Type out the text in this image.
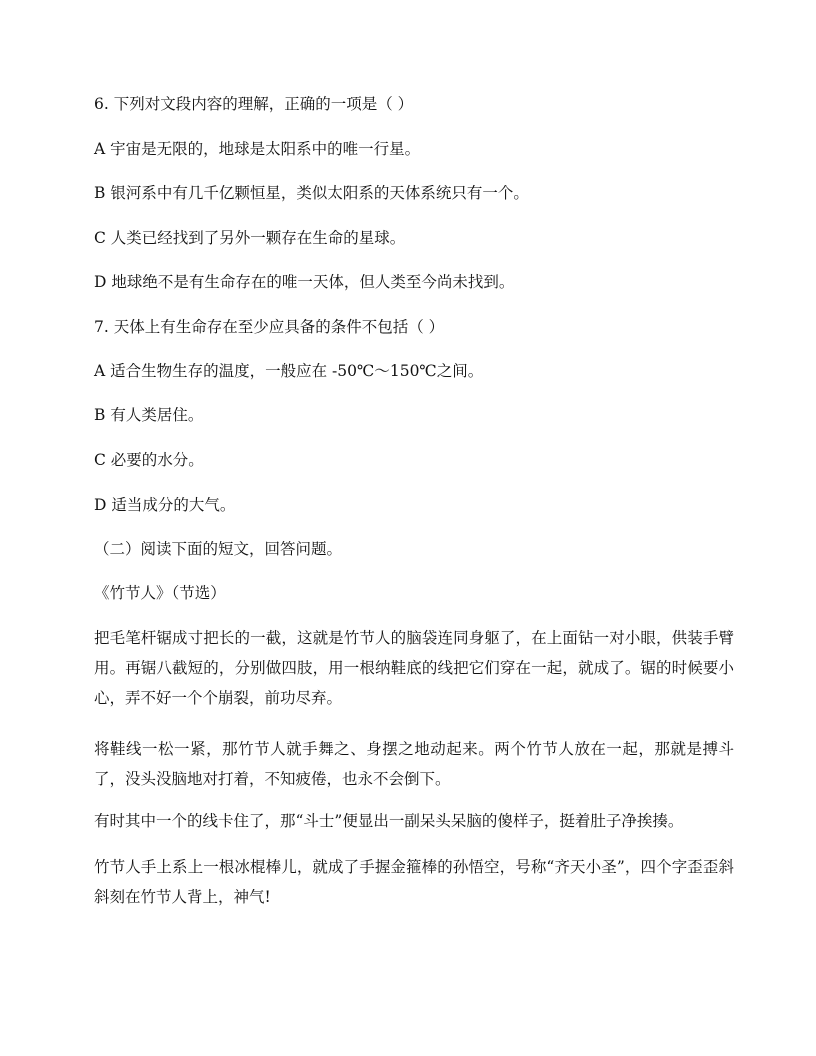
6. 下列对文段内容的理解，正确的一项是（ ）
A 宇宙是无限的，地球是太阳系中的唯一行星。
B 银河系中有几千亿颗恒星，类似太阳系的天体系统只有一个。
C 人类已经找到了另外一颗存在生命的星球。
D 地球绝不是有生命存在的唯一天体，但人类至今尚未找到。
7. 天体上有生命存在至少应具备的条件不包括（ ）
A 适合生物生存的温度，一般应在 -50℃～150℃之间。
B 有人类居住。
C 必要的水分。
D 适当成分的大气。
（二）阅读下面的短文，回答问题。
《竹节人》（节选）
把毛笔杆锯成寸把长的一截，这就是竹节人的脑袋连同身躯了，在上面钻一对小眼，供装手臂用。再锯八截短的，分别做四肢，用一根纳鞋底的线把它们穿在一起，就成了。锯的时候要小心，弄不好一个个崩裂，前功尽弃。
将鞋线一松一紧，那竹节人就手舞之、身摆之地动起来。两个竹节人放在一起，那就是搏斗了，没头没脑地对打着，不知疲倦，也永不会倒下。
有时其中一个的线卡住了，那“斗士”便显出一副呆头呆脑的傻样子，挺着肚子净挨揍。
竹节人手上系上一根冰棍棒儿，就成了手握金箍棒的孙悟空，号称“齐天小圣”，四个字歪歪斜斜刻在竹节人背上，神气!
